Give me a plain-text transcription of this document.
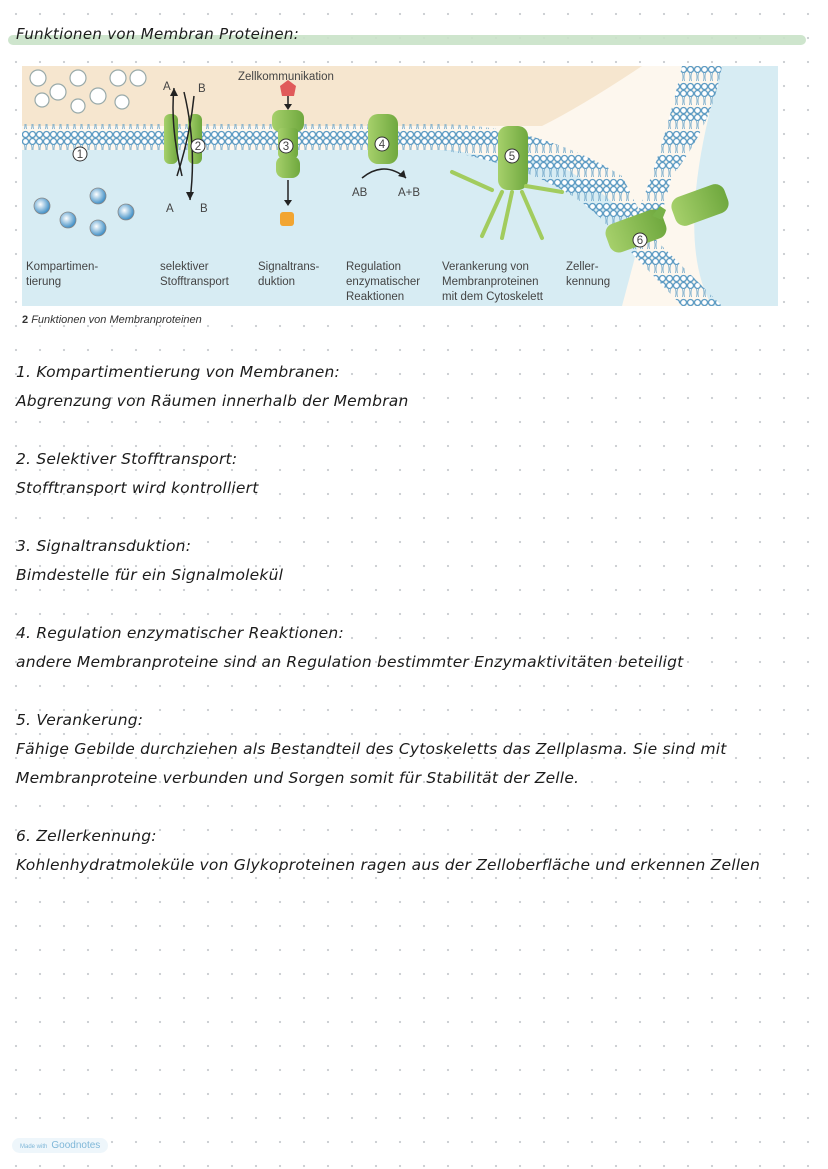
Funktionen von Membran Proteinen:
1
A B
A B
2
Zellkommunikation
3
AB	A+B
4
5
6
Kompartimen-
tierung
selektiver
Stofftransport
Signaltrans-
duktion
Regulation
enzymatischer
Reaktionen
Verankerung von
Membranproteinen
mit dem Cytoskelett
Zeller-
kennung
2 Funktionen von Membranproteinen
1. Kompartimentierung von Membranen:
Abgrenzung von Räumen innerhalb der Membran
2. Selektiver Stofftransport:
Stofftransport wird kontrolliert
3. Signaltransduktion:
Bimdestelle für ein Signalmolekül
4. Regulation enzymatischer Reaktionen:
andere Membranproteine sind an Regulation bestimmter Enzymaktivitäten beteiligt
5. Verankerung:
Fähige Gebilde durchziehen als Bestandteil des Cytoskeletts das Zellplasma. Sie sind mit
Membranproteine verbunden und Sorgen somit für Stabilität der Zelle.
6. Zellerkennung:
Kohlenhydratmoleküle von Glykoproteinen ragen aus der Zelloberfläche und erkennen Zellen
Made with Goodnotes
